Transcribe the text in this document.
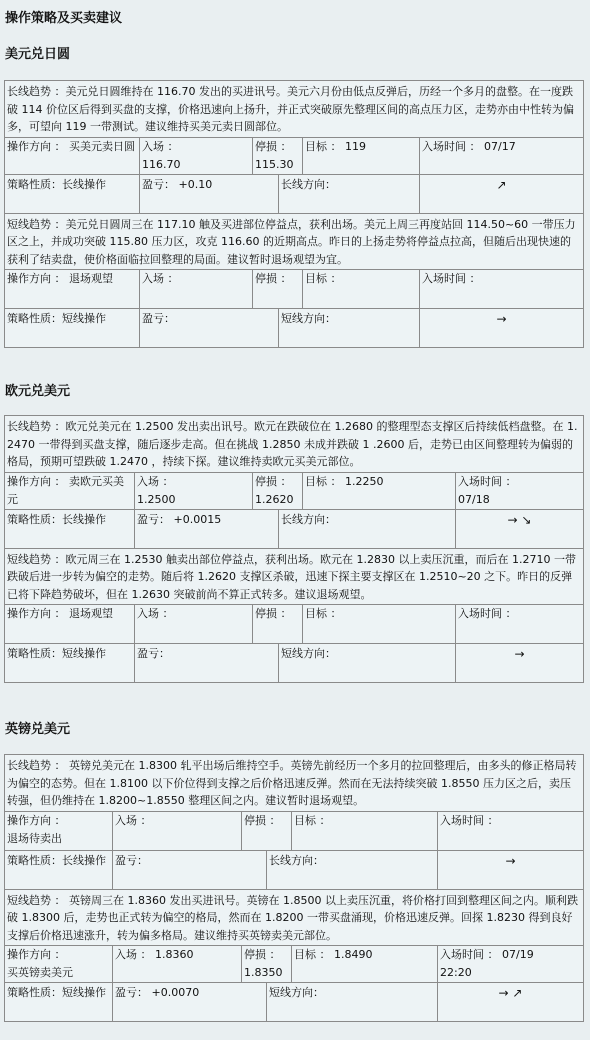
操作策略及买卖建议
美元兑日圆
长线趋势 ：美元兑日圆维持在 116.70 发出的买进讯号。美元六月份由低点反弹后，历经一个多月的盘整。在一度跌破 114 价位区后得到买盘的支撑，价格迅速向上扬升，并正式突破原先整理区间的高点压力区，走势亦由中性转为偏多，可望向 119 一带测试。建议维持买美元卖日圆部位。
操作方向 ： 买美元卖日圆 入场 ：
116.70
停损 ：
115.30
目标 ： 119	入场时间 ： 07/17
策略性质：长线操作	盈亏： +0.10	长线方向：	↗
短线趋势 ：美元兑日圆周三在 117.10 触及买进部位停益点，获利出场。美元上周三再度站回 114.50~60 一带压力区之上，并成功突破 115.80 压力区，攻克 116.60 的近期高点。昨日的上扬走势将停益点拉高，但随后出现快速的获利了结卖盘，使价格面临拉回整理的局面。建议暂时退场观望为宜。
操作方向 ： 退场观望	入场 ：	停损 ：	目标 ：	入场时间 ：
策略性质：短线操作	盈亏：	短线方向：	→
欧元兑美元
长线趋势 ：欧元兑美元在 1.2500 发出卖出讯号。欧元在跌破位在 1.2680 的整理型态支撑区后持续低档盘整。在 1.2470 一带得到买盘支撑，随后逐步走高。但在挑战 1.2850 未成并跌破 1 .2600 后，走势已由区间整理转为偏弱的格局，预期可望跌破 1.2470 ，持续下探。建议维持卖欧元买美元部位。
操作方向 ： 卖欧元买美元
入场 ：
1.2500
停损 ：
1.2620
目标 ： 1.2250	入场时间 ：
07/18
策略性质：长线操作	盈亏： +0.0015	长线方向：	→ ↘
短线趋势 ：欧元周三在 1.2530 触卖出部位停益点，获利出场。欧元在 1.2830 以上卖压沉重，而后在 1.2710 一带跌破后进一步转为偏空的走势。随后将 1.2620 支撑区杀破，迅速下探主要支撑区在 1.2510~20 之下。昨日的反弹已将下降趋势破坏，但在 1.2630 突破前尚不算正式转多。建议退场观望。
操作方向 ： 退场观望	入场 ：	停损 ：	目标 ：	入场时间 ：
策略性质：短线操作	盈亏：	短线方向：	→
英镑兑美元
长线趋势 ： 英镑兑美元在 1.8300 轧平出场后维持空手。英镑先前经历一个多月的拉回整理后，由多头的修正格局转为偏空的态势。但在 1.8100 以下价位得到支撑之后价格迅速反弹。然而在无法持续突破 1.8550 压力区之后，卖压转强，但仍维持在 1.8200~1.8550 整理区间之内。建议暂时退场观望。
操作方向 ：
退场待卖出
入场 ：	停损 ：	目标 ：	入场时间 ：
策略性质：长线操作 盈亏：	长线方向：	→
短线趋势 ： 英镑周三在 1.8360 发出买进讯号。英镑在 1.8500 以上卖压沉重，将价格打回到整理区间之内。顺利跌破 1.8300 后，走势也正式转为偏空的格局，然而在 1.8200 一带买盘涌现，价格迅速反弹。回探 1.8230 得到良好支撑后价格迅速涨升，转为偏多格局。建议维持买英镑卖美元部位。
操作方向 ：
买英镑卖美元
入场 ： 1.8360	停损 ：
1.8350
目标 ： 1.8490	入场时间 ： 07/19
22:20
策略性质：短线操作 盈亏： +0.0070	短线方向：	→ ↗
